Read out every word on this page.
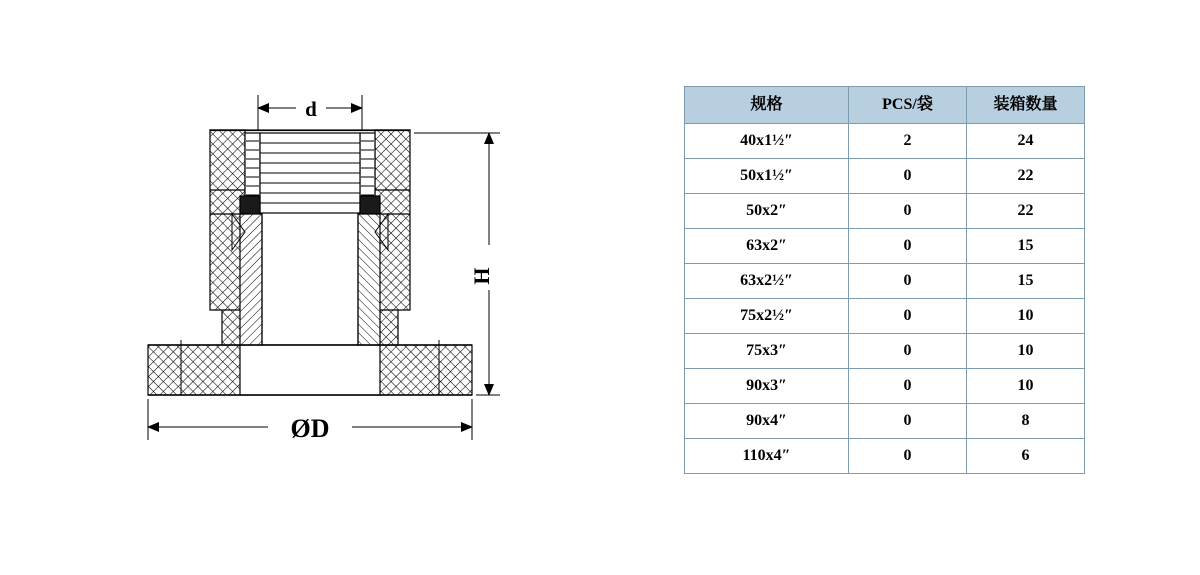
d
H
ØD
规格	PCS/袋	装箱数量
40x1½″	2	24
50x1½″	0	22
50x2″	0	22
63x2″	0	15
63x2½″	0	15
75x2½″	0	10
75x3″	0	10
90x3″	0	10
90x4″	0	8
110x4″	0	6
